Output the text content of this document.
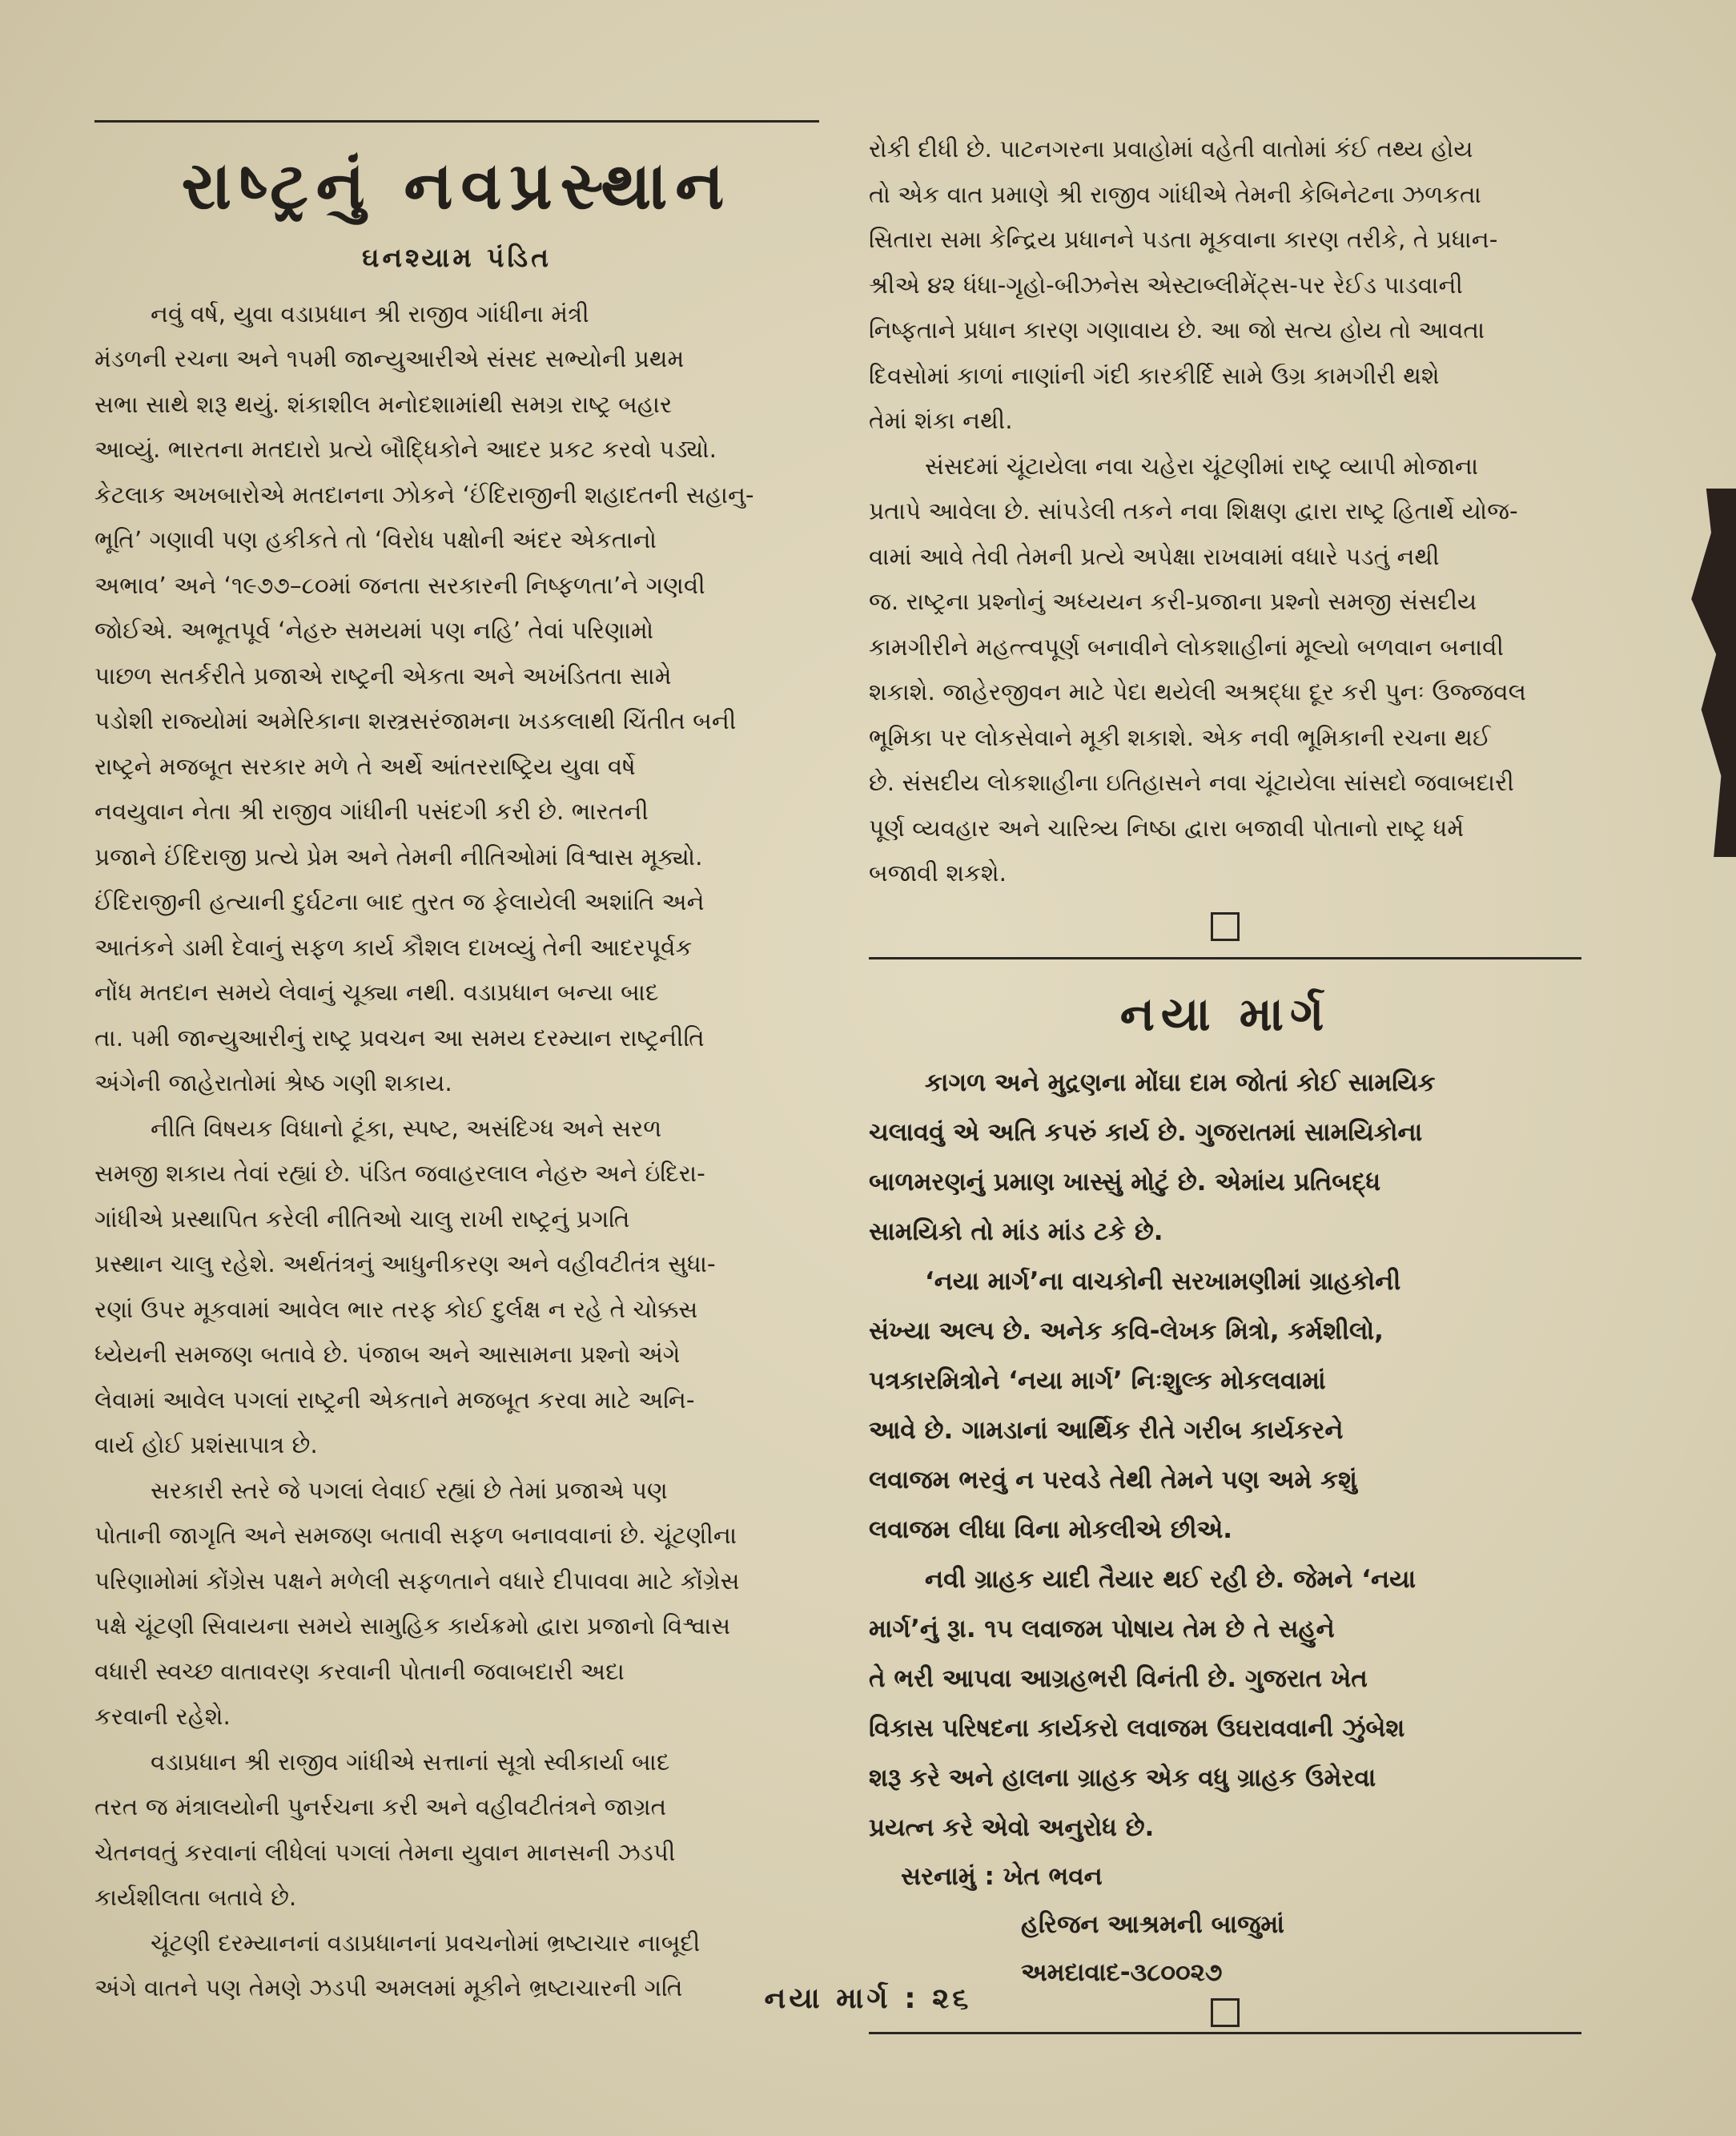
રાષ્ટ્રનું નવપ્રસ્થાન
ઘનશ્યામ પંડિત

નવું વર્ષ, યુવા વડાપ્રધાન શ્રી રાજીવ ગાંધીના મંત્રી
મંડળની રચના અને ૧૫મી જાન્યુઆરીએ સંસદ સભ્યોની પ્રથમ
સભા સાથે શરૂ થયું. શંકાશીલ મનોદશામાંથી સમગ્ર રાષ્ટ્ર બહાર
આવ્યું. ભારતના મતદારો પ્રત્યે બૌદ્ધિકોને આદર પ્રકટ કરવો પડ્યો.
કેટલાક અખબારોએ મતદાનના ઝોકને ‘ઈંદિરાજીની શહાદતની સહાનુ-
ભૂતિ’ ગણાવી પણ હકીકતે તો ‘વિરોધ પક્ષોની અંદર એકતાનો
અભાવ’ અને ‘૧૯૭૭–૮૦માં જનતા સરકારની નિષ્ફળતા’ને ગણવી
જોઈએ. અભૂતપૂર્વ ‘નેહરુ સમયમાં પણ નહિ’ તેવાં પરિણામો
પાછળ સતર્કરીતે પ્રજાએ રાષ્ટ્રની એકતા અને અખંડિતતા સામે
પડોશી રાજ્યોમાં અમેરિકાના શસ્ત્રસરંજામના ખડકલાથી ચિંતીત બની
રાષ્ટ્રને મજબૂત સરકાર મળે તે અર્થે આંતરરાષ્ટ્રિય યુવા વર્ષે
નવયુવાન નેતા શ્રી રાજીવ ગાંધીની પસંદગી કરી છે. ભારતની
પ્રજાને ઈંદિરાજી પ્રત્યે પ્રેમ અને તેમની નીતિઓમાં વિશ્વાસ મૂક્યો.
ઈંદિરાજીની હત્યાની દુર્ઘટના બાદ તુરત જ ફેલાયેલી અશાંતિ અને
આતંકને ડામી દેવાનું સફળ કાર્ય કૌશલ દાખવ્યું તેની આદરપૂર્વક
નોંધ મતદાન સમયે લેવાનું ચૂક્યા નથી. વડાપ્રધાન બન્યા બાદ
તા. ૫મી જાન્યુઆરીનું રાષ્ટ્ર પ્રવચન આ સમય દરમ્યાન રાષ્ટ્રનીતિ
અંગેની જાહેરાતોમાં શ્રેષ્ઠ ગણી શકાય.

નીતિ વિષયક વિધાનો ટૂંકા, સ્પષ્ટ, અસંદિગ્ધ અને સરળ
સમજી શકાય તેવાં રહ્યાં છે. પંડિત જવાહરલાલ નેહરુ અને ઇંદિરા-
ગાંધીએ પ્રસ્થાપિત કરેલી નીતિઓ ચાલુ રાખી રાષ્ટ્રનું પ્રગતિ
પ્રસ્થાન ચાલુ રહેશે. અર્થતંત્રનું આધુનીકરણ અને વહીવટીતંત્ર સુધા-
રણાં ઉપર મૂકવામાં આવેલ ભાર તરફ કોઈ દુર્લક્ષ ન રહે તે ચોક્કસ
ધ્યેયની સમજણ બતાવે છે. પંજાબ અને આસામના પ્રશ્નો અંગે
લેવામાં આવેલ પગલાં રાષ્ટ્રની એકતાને મજબૂત કરવા માટે અનિ-
વાર્ય હોઈ પ્રશંસાપાત્ર છે.

સરકારી સ્તરે જે પગલાં લેવાઈ રહ્યાં છે તેમાં પ્રજાએ પણ
પોતાની જાગૃતિ અને સમજણ બતાવી સફળ બનાવવાનાં છે. ચૂંટણીના
પરિણામોમાં કોંગ્રેસ પક્ષને મળેલી સફળતાને વધારે દીપાવવા માટે કોંગ્રેસ
પક્ષે ચૂંટણી સિવાયના સમયે સામુહિક કાર્યક્રમો દ્વારા પ્રજાનો વિશ્વાસ
વધારી સ્વચ્છ વાતાવરણ કરવાની પોતાની જવાબદારી અદા
કરવાની રહેશે.

વડાપ્રધાન શ્રી રાજીવ ગાંધીએ સત્તાનાં સૂત્રો સ્વીકાર્યા બાદ
તરત જ મંત્રાલયોની પુનર્રચના કરી અને વહીવટીતંત્રને જાગ્રત
ચેતનવતું કરવાનાં લીધેલાં પગલાં તેમના યુવાન માનસની ઝડપી
કાર્યશીલતા બતાવે છે.

ચૂંટણી દરમ્યાનનાં વડાપ્રધાનનાં પ્રવચનોમાં ભ્રષ્ટાચાર નાબૂદી
અંગે વાતને પણ તેમણે ઝડપી અમલમાં મૂકીને ભ્રષ્ટાચારની ગતિ

રોકી દીધી છે. પાટનગરના પ્રવાહોમાં વહેતી વાતોમાં કંઈ તથ્ય હોય
તો એક વાત પ્રમાણે શ્રી રાજીવ ગાંધીએ તેમની કેબિનેટના ઝળકતા
સિતારા સમા કેન્દ્રિય પ્રધાનને પડતા મૂકવાના કારણ તરીકે, તે પ્રધાન-
શ્રીએ ૪૨ ધંધા-ગૃહો-બીઝનેસ એસ્ટાબ્લીમેંટ્સ-પર રેઈડ પાડવાની
નિષ્ફતાને પ્રધાન કારણ ગણાવાય છે. આ જો સત્ય હોય તો આવતા
દિવસોમાં કાળાં નાણાંની ગંદી કારકીર્દિ સામે ઉગ્ર કામગીરી થશે
તેમાં શંકા નથી.

સંસદમાં ચૂંટાયેલા નવા ચહેરા ચૂંટણીમાં રાષ્ટ્ર વ્યાપી મોજાના
પ્રતાપે આવેલા છે. સાંપડેલી તકને નવા શિક્ષણ દ્વારા રાષ્ટ્ર હિતાર્થે યોજ-
વામાં આવે તેવી તેમની પ્રત્યે અપેક્ષા રાખવામાં વધારે પડતું નથી
જ. રાષ્ટ્રના પ્રશ્નોનું અધ્યયન કરી-પ્રજાના પ્રશ્નો સમજી સંસદીય
કામગીરીને મહત્ત્વપૂર્ણ બનાવીને લોકશાહીનાં મૂલ્યો બળવાન બનાવી
શકાશે. જાહેરજીવન માટે પેદા થયેલી અશ્રદ્ધા દૂર કરી પુનઃ ઉજ્જવલ
ભૂમિકા પર લોકસેવાને મૂકી શકાશે. એક નવી ભૂમિકાની રચના થઈ
છે. સંસદીય લોકશાહીના ઇતિહાસને નવા ચૂંટાયેલા સાંસદો જવાબદારી
પૂર્ણ વ્યવહાર અને ચારિત્ર્ય નિષ્ઠા દ્વારા બજાવી પોતાનો રાષ્ટ્ર ધર્મ
બજાવી શકશે.

નયા માર્ગ

કાગળ અને મુદ્રણના મોંઘા દામ જોતાં કોઈ સામયિક
ચલાવવું એ અતિ કપરું કાર્ય છે. ગુજરાતમાં સામયિકોના
બાળમરણનું પ્રમાણ ખાસ્સું મોટું છે. એમાંય પ્રતિબદ્ધ
સામયિકો તો માંડ માંડ ટકે છે.

‘નયા માર્ગ’ના વાચકોની સરખામણીમાં ગ્રાહકોની
સંખ્યા અલ્પ છે. અનેક કવિ-લેખક મિત્રો, કર્મશીલો,
પત્રકારમિત્રોને ‘નયા માર્ગ’ નિઃશુલ્ક મોકલવામાં
આવે છે. ગામડાનાં આર્થિક રીતે ગરીબ કાર્યકરને
લવાજમ ભરવું ન પરવડે તેથી તેમને પણ અમે કશું
લવાજમ લીધા વિના મોકલીએ છીએ.

નવી ગ્રાહક યાદી તૈયાર થઈ રહી છે. જેમને ‘નયા
માર્ગ’નું રૂા. ૧૫ લવાજમ પોષાય તેમ છે તે સહુને
તે ભરી આપવા આગ્રહભરી વિનંતી છે. ગુજરાત ખેત
વિકાસ પરિષદના કાર્યકરો લવાજમ ઉઘરાવવાની ઝુંબેશ
શરૂ કરે અને હાલના ગ્રાહક એક વધુ ગ્રાહક ઉમેરવા
પ્રયત્ન કરે એવો અનુરોધ છે.

સરનામું : ખેત ભવન
હરિજન આશ્રમની બાજુમાં
અમદાવાદ-૩૮૦૦૨૭
નયા માર્ગ : ૨૬
